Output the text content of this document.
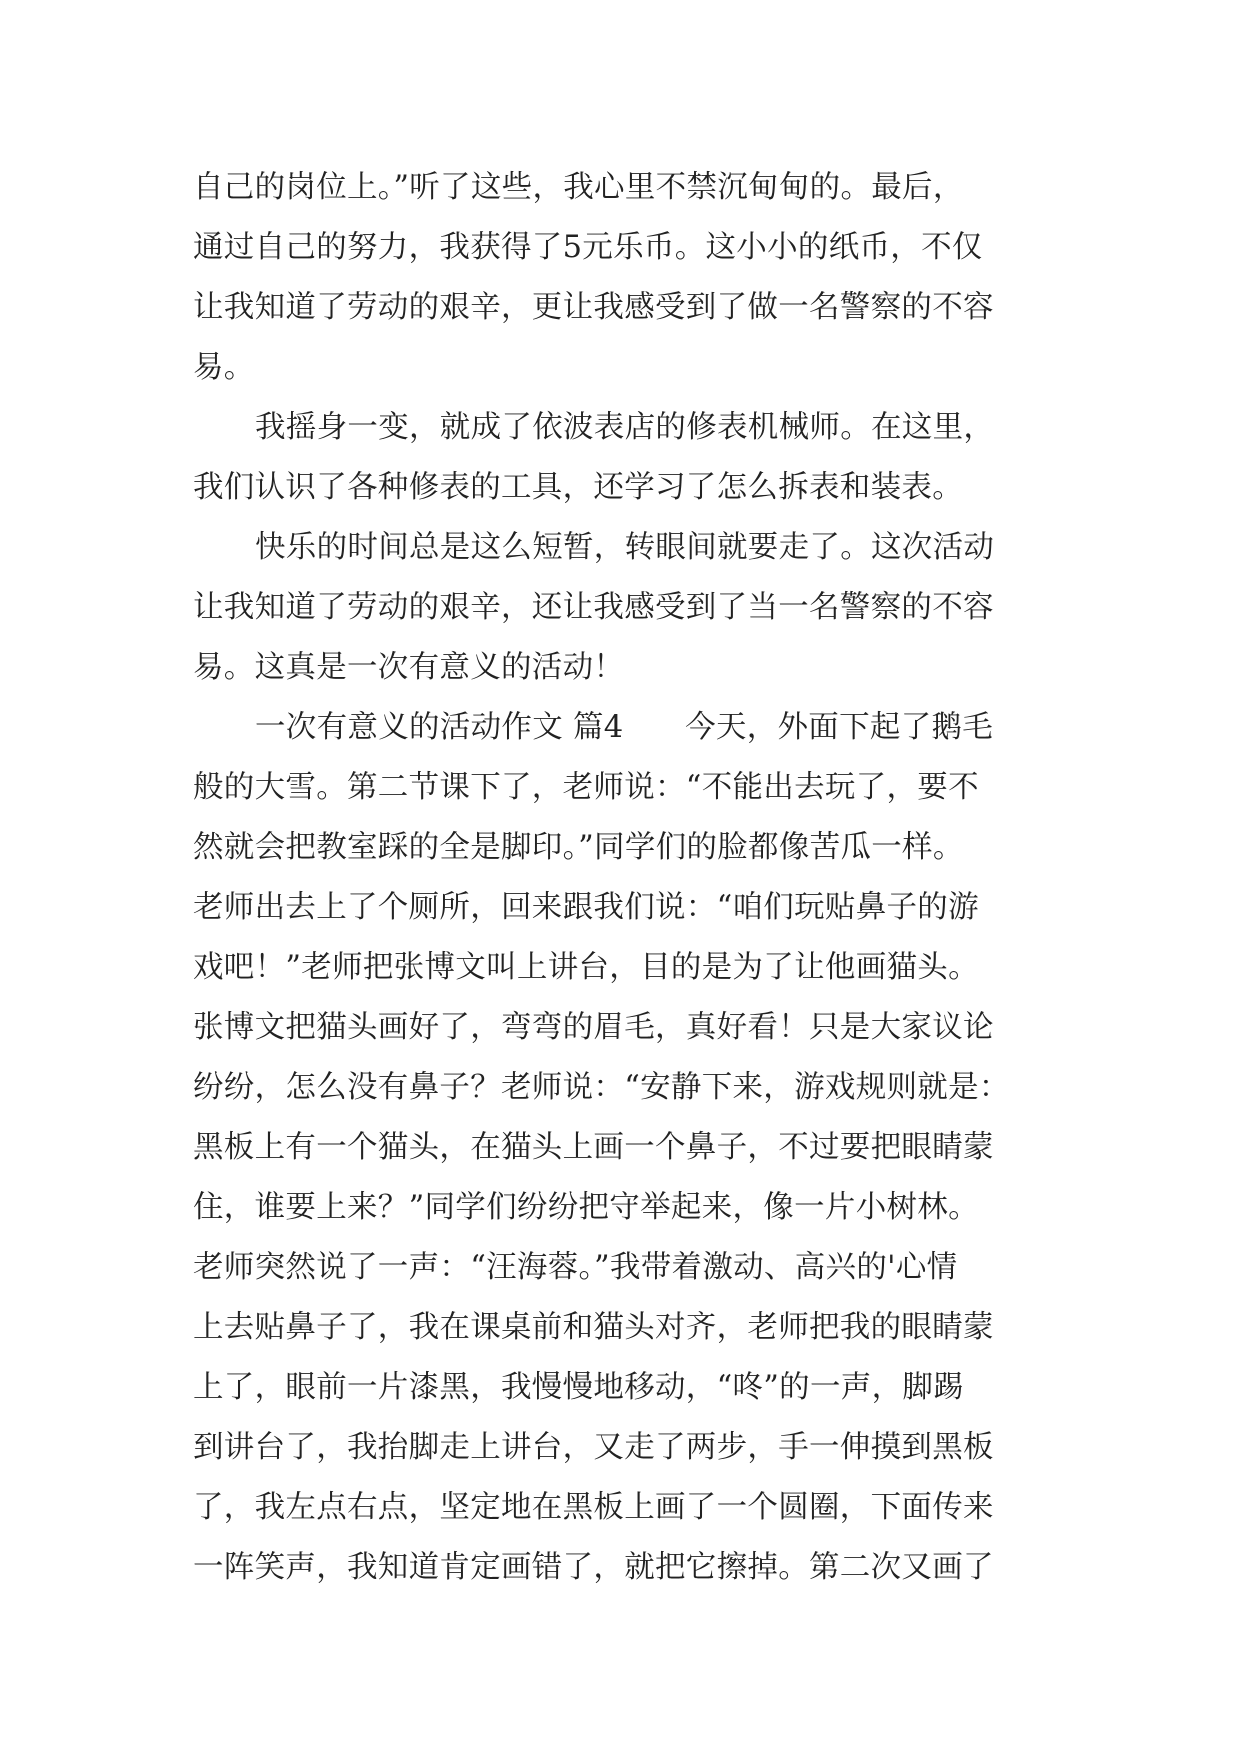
自己的岗位上。”听了这些，我心里不禁沉甸甸的。最后，
通过自己的努力，我获得了5元乐币。这小小的纸币，不仅
让我知道了劳动的艰辛，更让我感受到了做一名警察的不容
易。
我摇身一变，就成了依波表店的修表机械师。在这里，
我们认识了各种修表的工具，还学习了怎么拆表和装表。
快乐的时间总是这么短暂，转眼间就要走了。这次活动
让我知道了劳动的艰辛，还让我感受到了当一名警察的不容
易。这真是一次有意义的活动！
一次有意义的活动作文 篇4　　今天，外面下起了鹅毛
般的大雪。第二节课下了，老师说：“不能出去玩了，要不
然就会把教室踩的全是脚印。”同学们的脸都像苦瓜一样。
老师出去上了个厕所，回来跟我们说：“咱们玩贴鼻子的游
戏吧！”老师把张博文叫上讲台，目的是为了让他画猫头。
张博文把猫头画好了，弯弯的眉毛，真好看！只是大家议论
纷纷，怎么没有鼻子？老师说：“安静下来，游戏规则就是：
黑板上有一个猫头，在猫头上画一个鼻子，不过要把眼睛蒙
住，谁要上来？”同学们纷纷把守举起来，像一片小树林。
老师突然说了一声：“汪海蓉。”我带着激动、高兴的'心情
上去贴鼻子了，我在课桌前和猫头对齐，老师把我的眼睛蒙
上了，眼前一片漆黑，我慢慢地移动，“咚”的一声，脚踢
到讲台了，我抬脚走上讲台，又走了两步，手一伸摸到黑板
了，我左点右点，坚定地在黑板上画了一个圆圈，下面传来
一阵笑声，我知道肯定画错了，就把它擦掉。第二次又画了
